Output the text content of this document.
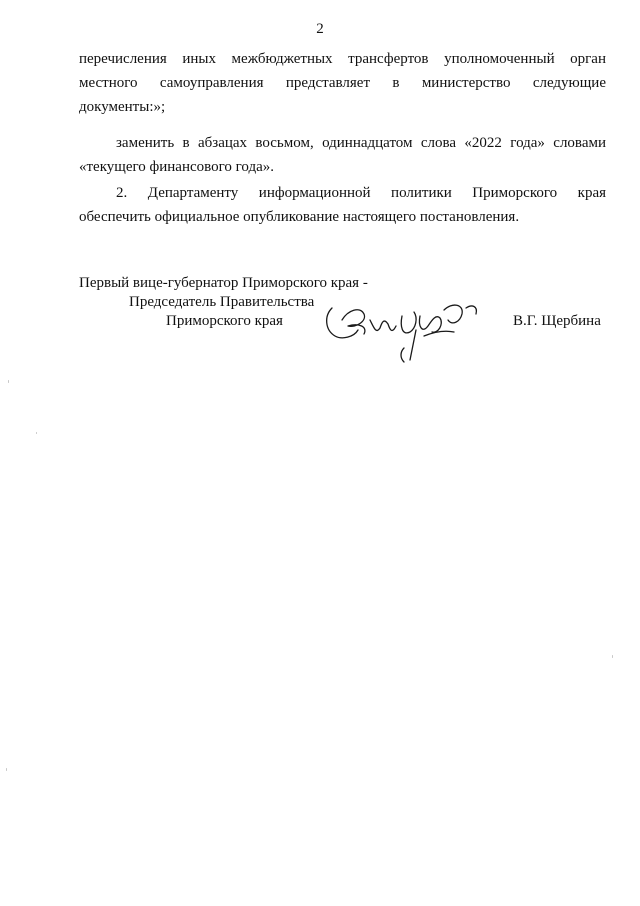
2
перечисления иных межбюджетных трансфертов уполномоченный орган
местного самоуправления представляет в министерство следующие
документы:»;
заменить в абзацах восьмом, одиннадцатом слова «2022 года» словами
«текущего финансового года».
2. Департаменту информационной политики Приморского края
обеспечить официальное опубликование настоящего постановления.
Первый вице-губернатор Приморского края -
Председатель Правительства
Приморского края	В.Г. Щербина
